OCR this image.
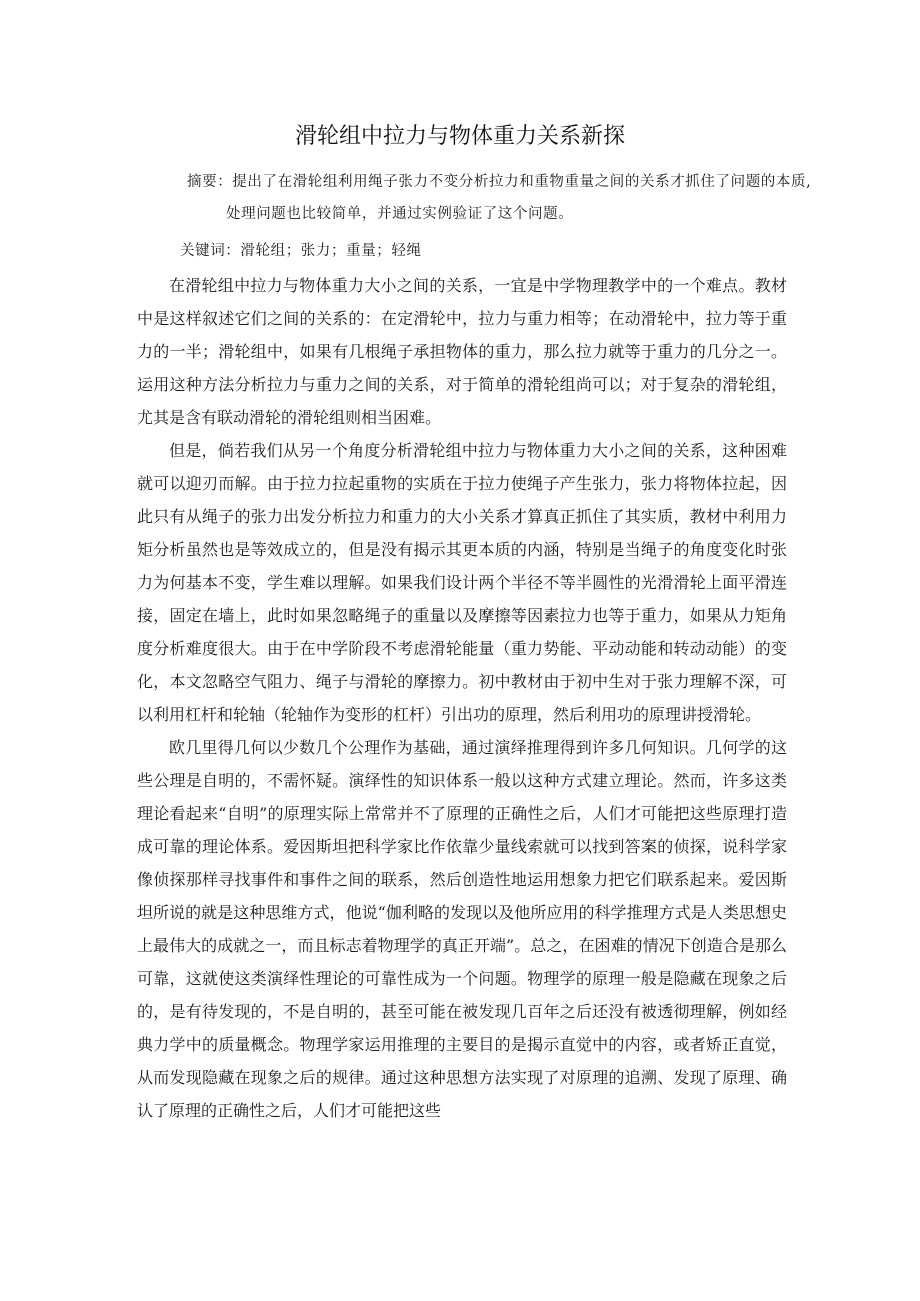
滑轮组中拉力与物体重力关系新探
摘要：提出了在滑轮组利用绳子张力不变分析拉力和重物重量之间的关系才抓住了问题的本质,
处理问题也比较简单，并通过实例验证了这个问题。
关键词：滑轮组；张力；重量；轻绳

在滑轮组中拉力与物体重力大小之间的关系，一宜是中学物理教学中的一个难点。教材中是这样叙述它们之间的关系的：在定滑轮中，拉力与重力相等；在动滑轮中，拉力等于重力的一半；滑轮组中，如果有几根绳子承担物体的重力，那么拉力就等于重力的几分之一。运用这种方法分析拉力与重力之间的关系，对于简单的滑轮组尚可以；对于复杂的滑轮组，尤其是含有联动滑轮的滑轮组则相当困难。

但是，倘若我们从另一个角度分析滑轮组中拉力与物体重力大小之间的关系，这种困难就可以迎刃而解。由于拉力拉起重物的实质在于拉力使绳子产生张力，张力将物体拉起，因此只有从绳子的张力出发分析拉力和重力的大小关系才算真正抓住了其实质，教材中利用力矩分析虽然也是等效成立的，但是没有揭示其更本质的内涵，特别是当绳子的角度变化时张力为何基本不变，学生难以理解。如果我们设计两个半径不等半圆性的光滑滑轮上面平滑连接，固定在墙上，此时如果忽略绳子的重量以及摩擦等因素拉力也等于重力，如果从力矩角度分析难度很大。由于在中学阶段不考虑滑轮能量（重力势能、平动动能和转动动能）的变化，本文忽略空气阻力、绳子与滑轮的摩擦力。初中教材由于初中生对于张力理解不深，可以利用杠杆和轮轴（轮轴作为变形的杠杆）引出功的原理，然后利用功的原理讲授滑轮。

欧几里得几何以少数几个公理作为基础，通过演绎推理得到许多几何知识。几何学的这些公理是自明的，不需怀疑。演绎性的知识体系一般以这种方式建立理论。然而，许多这类理论看起来“自明”的原理实际上常常并不了原理的正确性之后，人们才可能把这些原理打造成可靠的理论体系。爱因斯坦把科学家比作依靠少量线索就可以找到答案的侦探，说科学家像侦探那样寻找事件和事件之间的联系，然后创造性地运用想象力把它们联系起来。爱因斯坦所说的就是这种思维方式，他说“伽利略的发现以及他所应用的科学推理方式是人类思想史上最伟大的成就之一，而且标志着物理学的真正开端”。总之，在困难的情况下创造合是那么可靠，这就使这类演绎性理论的可靠性成为一个问题。物理学的原理一般是隐藏在现象之后的，是有待发现的，不是自明的，甚至可能在被发现几百年之后还没有被透彻理解，例如经典力学中的质量概念。物理学家运用推理的主要目的是揭示直觉中的内容，或者矫正直觉，从而发现隐藏在现象之后的规律。通过这种思想方法实现了对原理的追溯、发现了原理、确认了原理的正确性之后，人们才可能把这些
